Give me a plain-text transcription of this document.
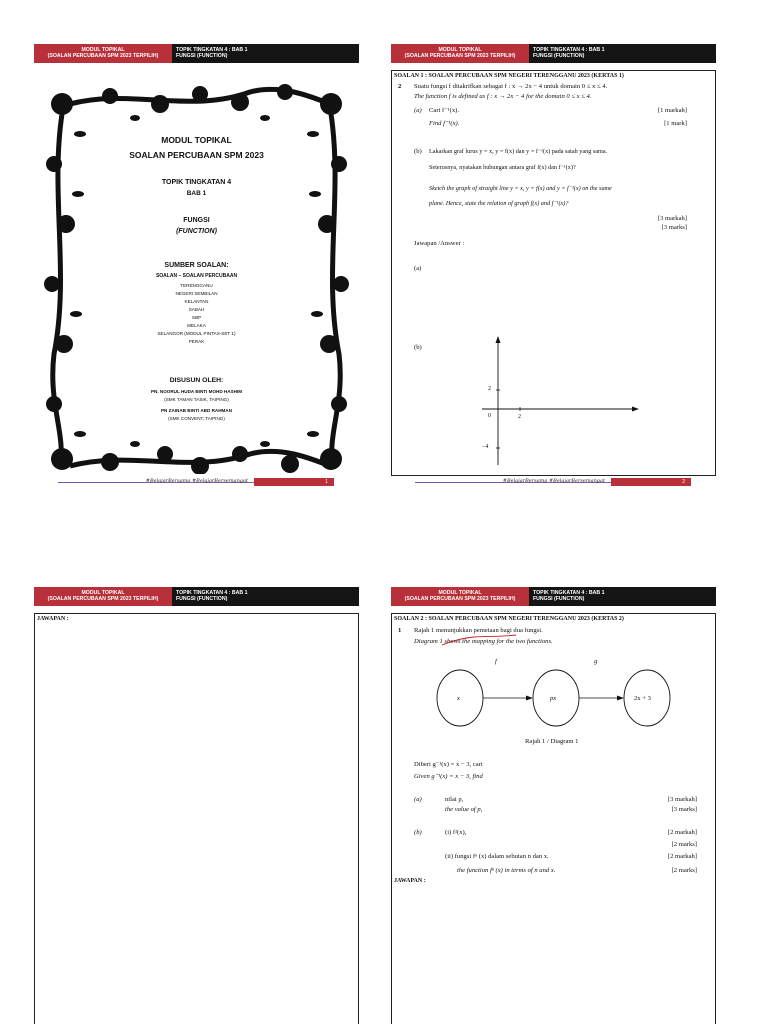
MODUL TOPIKAL
(SOALAN PERCUBAAN SPM 2023 TERPILIH)
TOPIK TINGKATAN 4 : BAB 1
FUNGSI (FUNCTION)
MODUL TOPIKAL
SOALAN PERCUBAAN SPM 2023
TOPIK TINGKATAN 4
BAB 1
FUNGSI
(FUNCTION)
SUMBER SOALAN:
SOALAN – SOALAN PERCUBAAN
TERENGGANU
NEGERI SEMBILAN
KELANTAN
SABAH
SBP
MELAKA
SELANGOR (MODUL PINTAS-SET 1)
PERAK
DISUSUN OLEH:
PN. NOORUL HUDA BINTI MOHD HASHIM
(SMK TAMAN TASIK, TAIPING)
PN ZAINAB BINTI ABD RAHMAN
(SMK CONVENT, TAIPING)
#BelajarBersama #BelajarBersemangat	1
MODUL TOPIKAL
(SOALAN PERCUBAAN SPM 2023 TERPILIH)
TOPIK TINGKATAN 4 : BAB 1
FUNGSI (FUNCTION)
SOALAN 1 : SOALAN PERCUBAAN SPM NEGERI TERENGGANU 2023 (KERTAS 1)
2 Suatu fungsi f ditakrifkan sebagai f : x → 2x − 4 untuk domain 0 ≤ x ≤ 4.
The function f is defined as f : x → 2x − 4 for the domain 0 ≤ x ≤ 4.
(a) Cari f⁻¹(x).
Find f⁻¹(x).
[1 markah]
[1 mark]
(b) Lakarkan graf lurus y = x, y = f(x) dan y = f⁻¹(x) pada satah yang sama.
Seterusnya, nyatakan hubungan antara graf f(x) dan f⁻¹(x)?
Sketch the graph of straight line y = x, y = f(x) and y = f⁻¹(x) on the same
plane. Hence, state the relation of graph f(x) and f⁻¹(x)?
[3 markah]
[3 marks]
Jawapan /Answer :
(a)
(b)
2
0	2
−4
#BelajarBersama #BelajarBersemangat	2
MODUL TOPIKAL
(SOALAN PERCUBAAN SPM 2023 TERPILIH)
TOPIK TINGKATAN 4 : BAB 1
FUNGSI (FUNCTION)
JAWAPAN :
MODUL TOPIKAL
(SOALAN PERCUBAAN SPM 2023 TERPILIH)
TOPIK TINGKATAN 4 : BAB 1
FUNGSI (FUNCTION)
SOALAN 2 : SOALAN PERCUBAAN SPM NEGERI TERENGGANU 2023 (KERTAS 2)
1 Rajah 1 menunjukkan pemetaan bagi dua fungsi.
Diagram 1 shows the mapping for the two functions.
f	g
x	px	2x + 3
Rajah 1 / Diagram 1
Diberi g⁻¹(x) = x − 3, cari
Given g⁻¹(x) = x − 3, find
(a)	nilai p,
the value of p,
[3 markah]
[3 marks]
(b)	(i) f²(x),	[2 markah]
[2 marks]
(ii) fungsi fⁿ (x) dalam sebutan n dan x.
the function fⁿ (x) in terms of n and x.
[2 markah]
[2 marks]
JAWAPAN :
